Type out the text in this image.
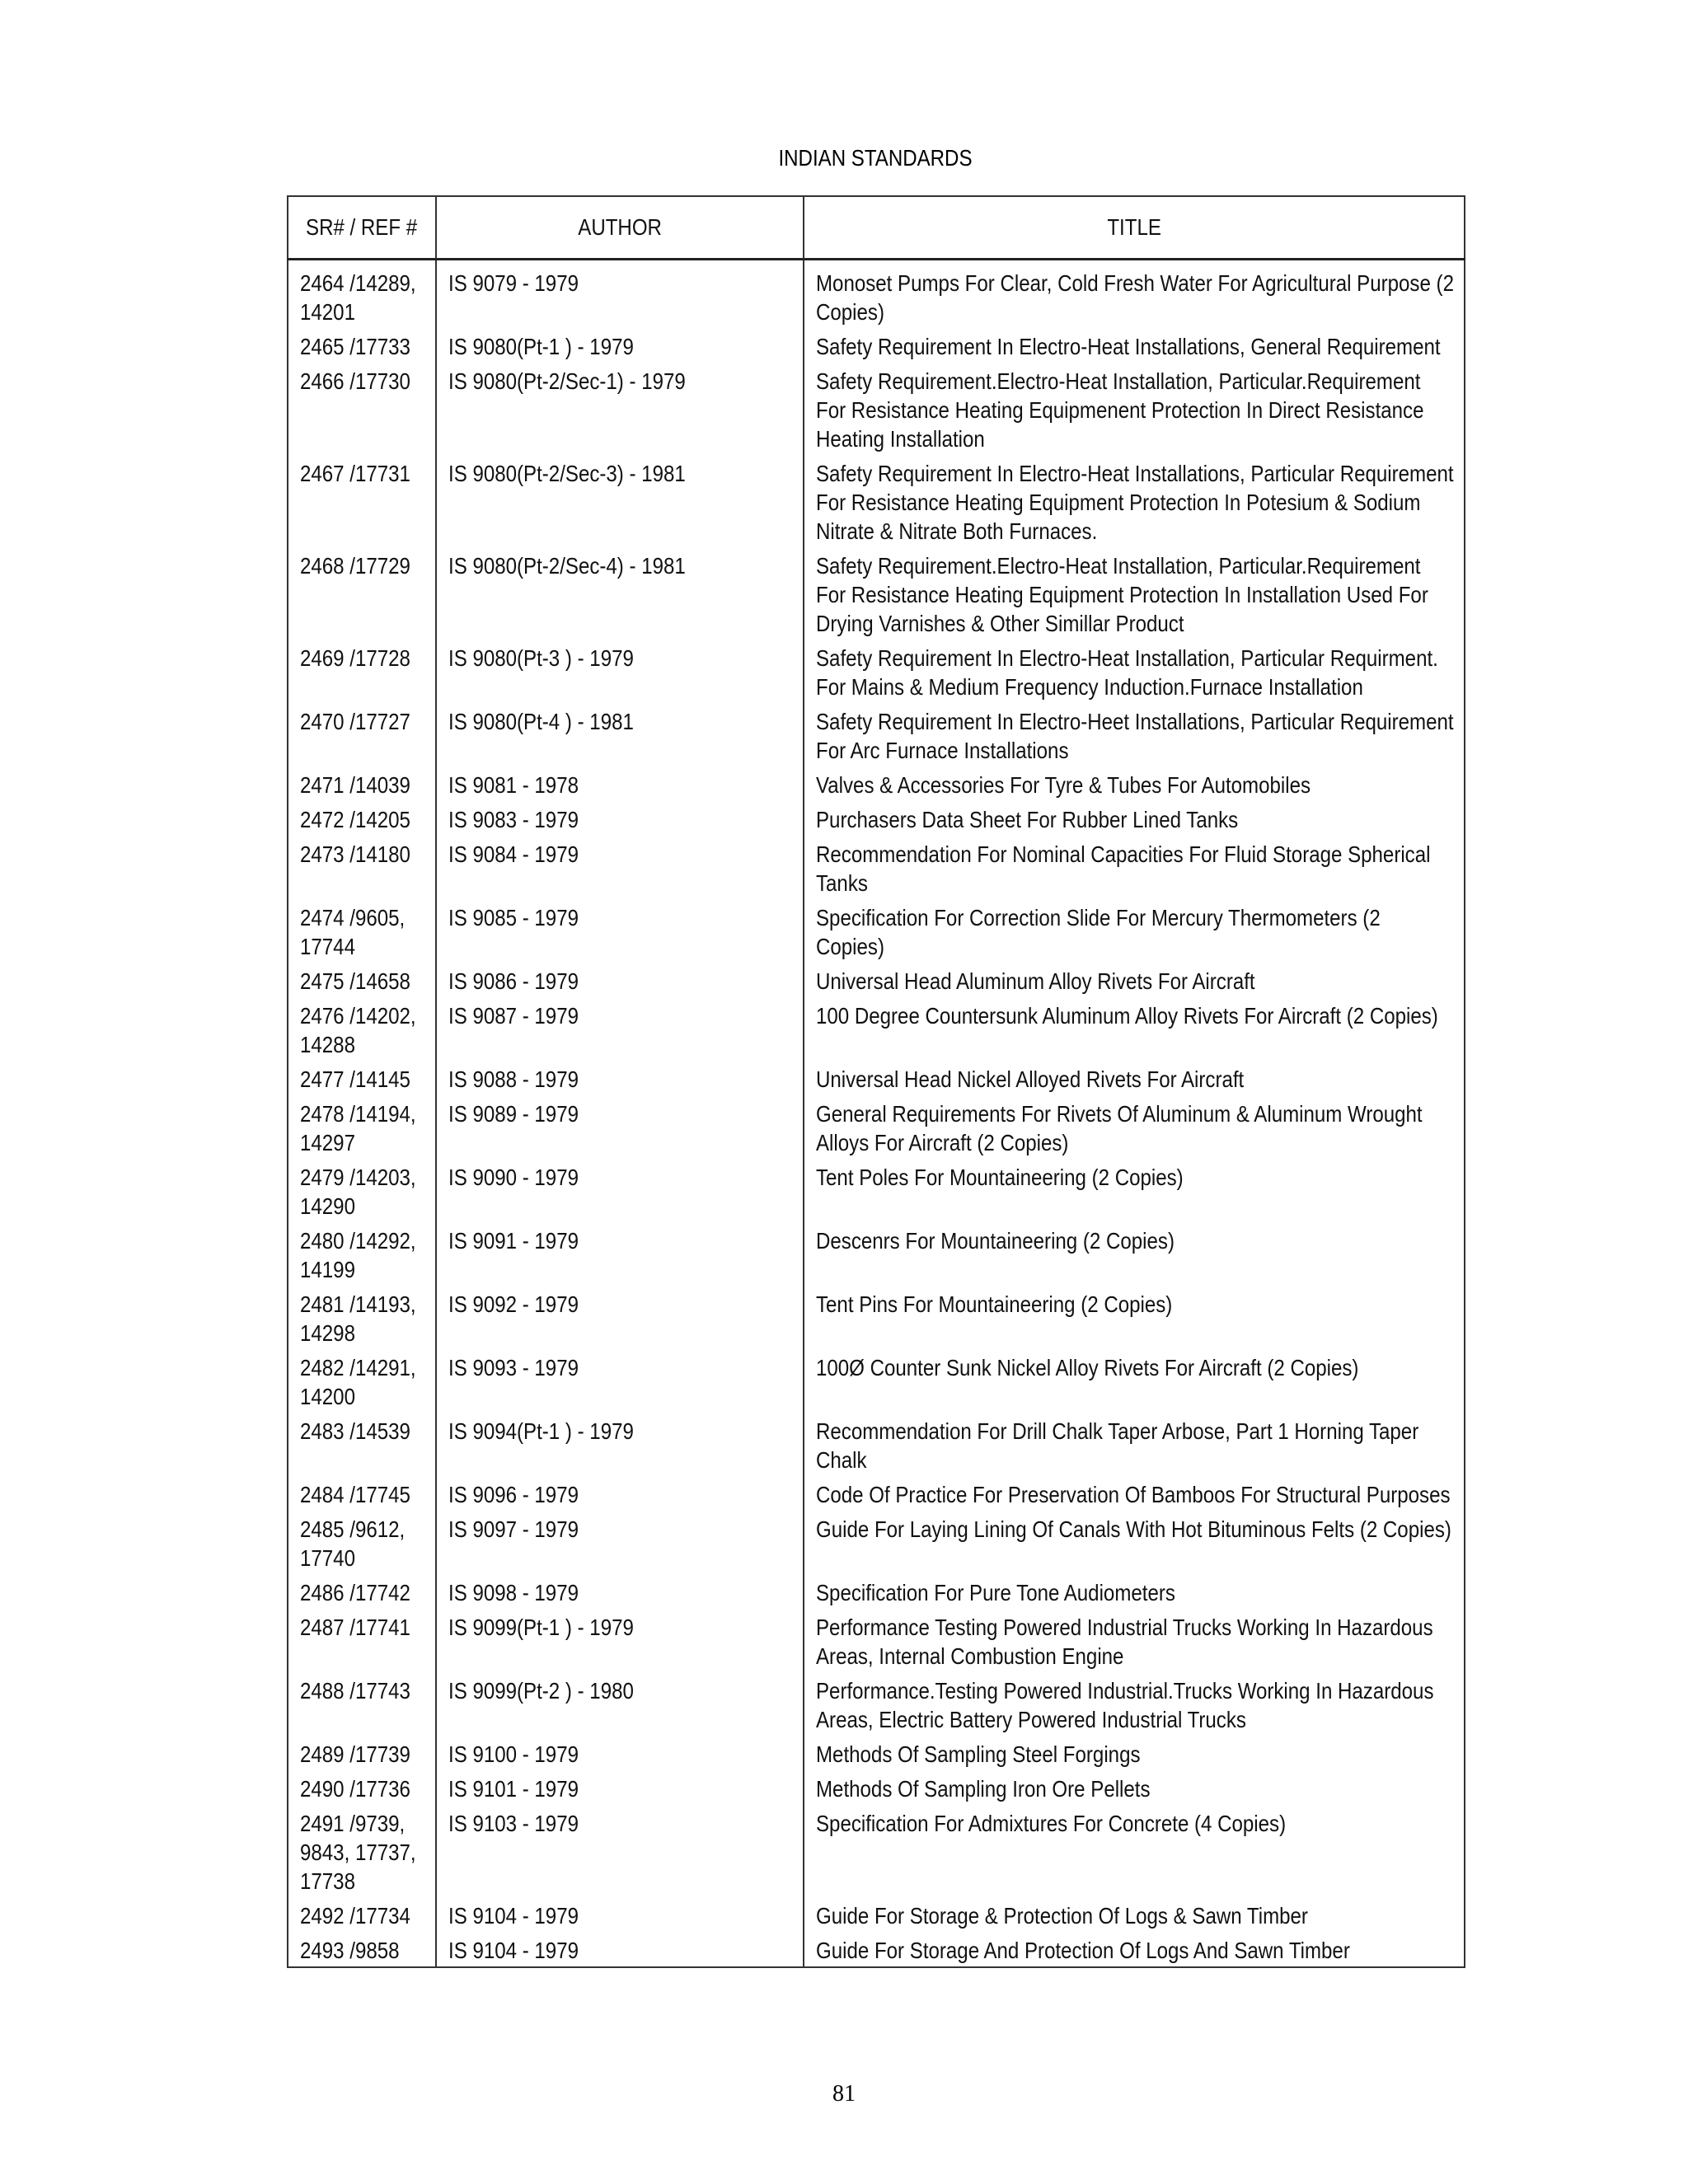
INDIAN STANDARDS
SR# / REF #	AUTHOR	TITLE
2464 /14289, 14201	IS 9079 - 1979	Monoset Pumps For Clear, Cold Fresh Water For Agricultural Purpose (2 Copies)
2465 /17733	IS 9080(Pt-1 ) - 1979	Safety Requirement In Electro-Heat Installations, General Requirement
2466 /17730	IS 9080(Pt-2/Sec-1) - 1979	Safety Requirement.Electro-Heat Installation, Particular.Requirement For Resistance Heating Equipmenent Protection In Direct Resistance Heating Installation
2467 /17731	IS 9080(Pt-2/Sec-3) - 1981	Safety Requirement In Electro-Heat Installations, Particular Requirement For Resistance Heating Equipment Protection In Potesium & Sodium Nitrate & Nitrate Both Furnaces.
2468 /17729	IS 9080(Pt-2/Sec-4) - 1981	Safety Requirement.Electro-Heat Installation, Particular.Requirement For Resistance Heating Equipment Protection In Installation Used For Drying Varnishes & Other Simillar Product
2469 /17728	IS 9080(Pt-3 ) - 1979	Safety Requirement In Electro-Heat Installation, Particular Requirment. For Mains & Medium Frequency Induction.Furnace Installation
2470 /17727	IS 9080(Pt-4 ) - 1981	Safety Requirement In Electro-Heet Installations, Particular Requirement For Arc Furnace Installations
2471 /14039	IS 9081 - 1978	Valves & Accessories For Tyre & Tubes For Automobiles
2472 /14205	IS 9083 - 1979	Purchasers Data Sheet For Rubber Lined Tanks
2473 /14180	IS 9084 - 1979	Recommendation For Nominal Capacities For Fluid Storage Spherical Tanks
2474 /9605, 17744	IS 9085 - 1979	Specification For Correction Slide For Mercury Thermometers (2 Copies)
2475 /14658	IS 9086 - 1979	Universal Head Aluminum Alloy Rivets For Aircraft
2476 /14202, 14288	IS 9087 - 1979	100 Degree Countersunk Aluminum Alloy Rivets For Aircraft (2 Copies)
2477 /14145	IS 9088 - 1979	Universal Head Nickel Alloyed Rivets For Aircraft
2478 /14194, 14297	IS 9089 - 1979	General Requirements For Rivets Of Aluminum & Aluminum Wrought Alloys For Aircraft (2 Copies)
2479 /14203, 14290	IS 9090 - 1979	Tent Poles For Mountaineering (2 Copies)
2480 /14292, 14199	IS 9091 - 1979	Descenrs For Mountaineering (2 Copies)
2481 /14193, 14298	IS 9092 - 1979	Tent Pins For Mountaineering (2 Copies)
2482 /14291, 14200	IS 9093 - 1979	100Ø Counter Sunk Nickel Alloy Rivets For Aircraft (2 Copies)
2483 /14539	IS 9094(Pt-1 ) - 1979	Recommendation For Drill Chalk Taper Arbose, Part 1 Horning Taper Chalk
2484 /17745	IS 9096 - 1979	Code Of Practice For Preservation Of Bamboos For Structural Purposes
2485 /9612, 17740	IS 9097 - 1979	Guide For Laying Lining Of Canals With Hot Bituminous Felts (2 Copies)
2486 /17742	IS 9098 - 1979	Specification For Pure Tone Audiometers
2487 /17741	IS 9099(Pt-1 ) - 1979	Performance Testing Powered Industrial Trucks Working In Hazardous Areas, Internal Combustion Engine
2488 /17743	IS 9099(Pt-2 ) - 1980	Performance.Testing Powered Industrial.Trucks Working In Hazardous Areas, Electric Battery Powered Industrial Trucks
2489 /17739	IS 9100 - 1979	Methods Of Sampling Steel Forgings
2490 /17736	IS 9101 - 1979	Methods Of Sampling Iron Ore Pellets
2491 /9739, 9843, 17737, 17738	IS 9103 - 1979	Specification For Admixtures For Concrete (4 Copies)
2492 /17734	IS 9104 - 1979	Guide For Storage & Protection Of Logs & Sawn Timber
2493 /9858	IS 9104 - 1979	Guide For Storage And Protection Of Logs And Sawn Timber
81
